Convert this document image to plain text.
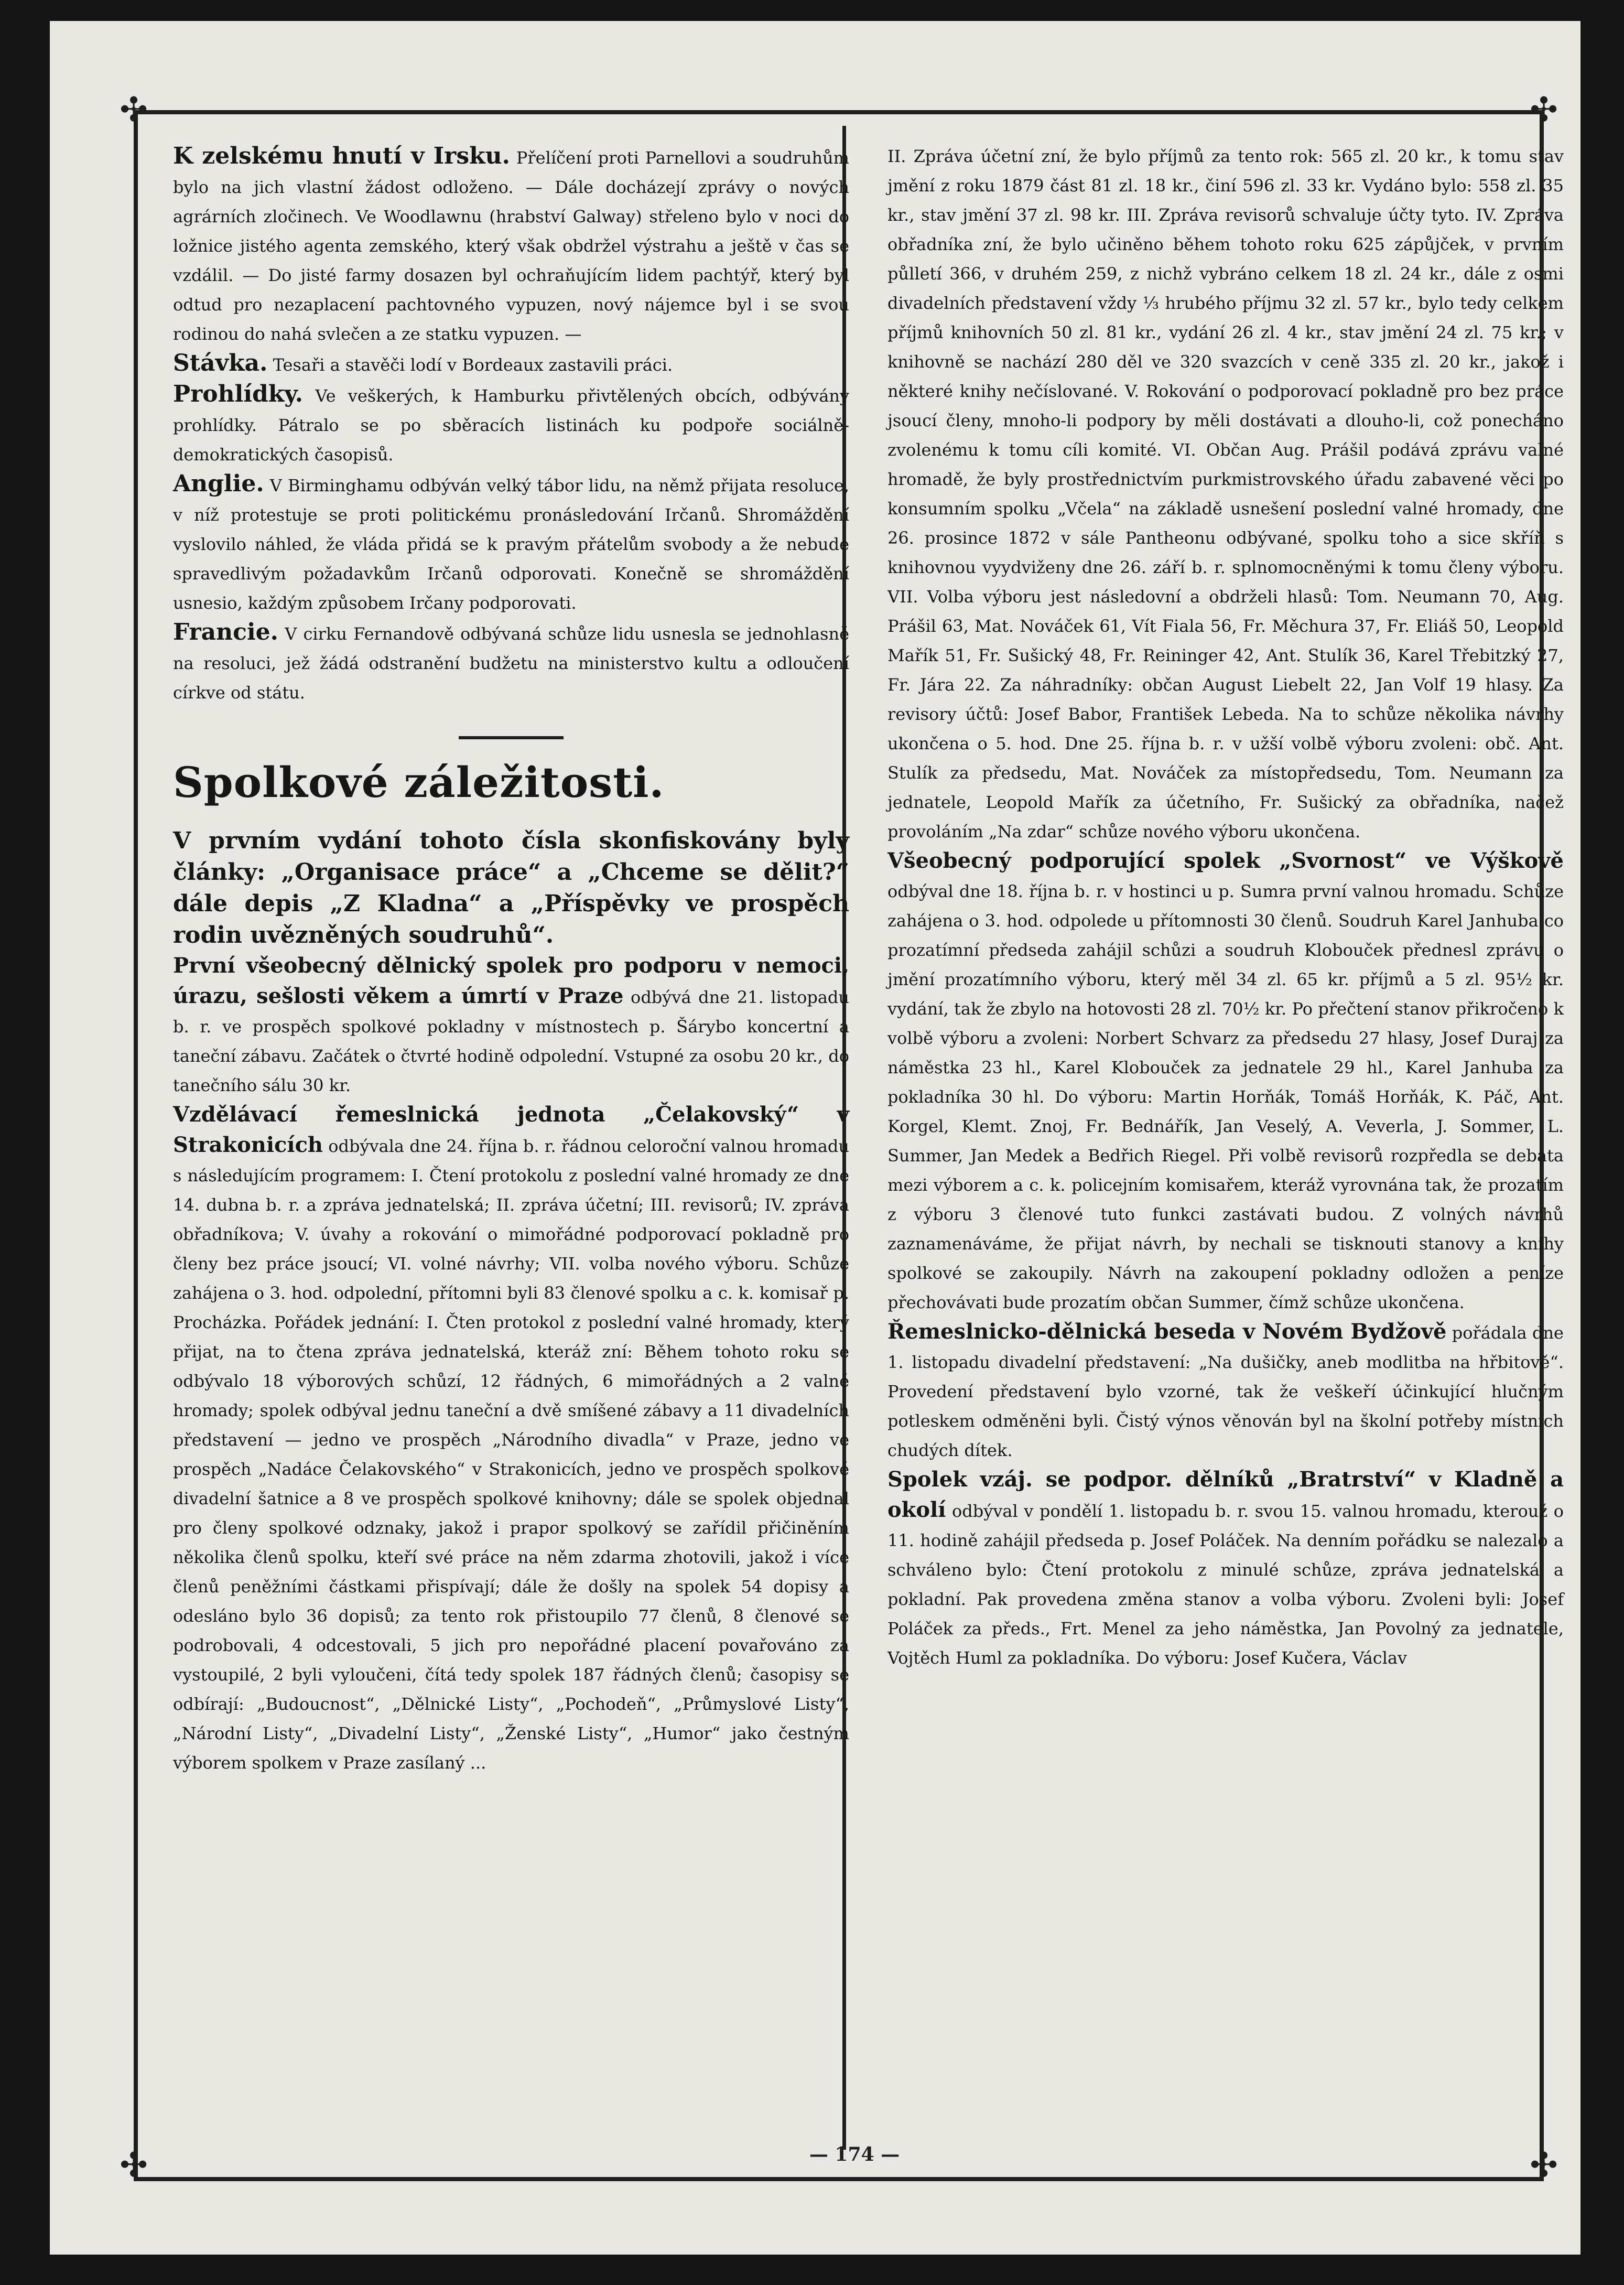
✣	✣
✣	✣

K zelskému hnutí v Irsku. Přelíčení proti Parnellovi a soudruhům bylo na jich vlastní žádost odloženo. — Dále docházejí zprávy o nových agrárních zločinech. Ve Woodlawnu (hrabství Galway) střeleno bylo v noci do ložnice jistého agenta zemského, který však obdržel výstrahu a ještě v čas se vzdálil. — Do jisté farmy dosazen byl ochraňujícím lidem pachtýř, který byl odtud pro nezaplacení pachtovného vypuzen, nový nájemce byl i se svou rodinou do nahá svlečen a ze statku vypuzen. —

Stávka. Tesaři a stavěči lodí v Bordeaux zastavili práci.

Prohlídky. Ve veškerých, k Hamburku přivtělených obcích, odbývány prohlídky. Pátralo se po sběracích listinách ku podpoře sociálně-demokratických časopisů.

Anglie. V Birminghamu odbýván velký tábor lidu, na němž přijata resoluce, v níž protestuje se proti politickému pronásledování Irčanů. Shromáždění vyslovilo náhled, že vláda přidá se k pravým přátelům svobody a že nebude spravedlivým požadavkům Irčanů odporovati. Konečně se shromáždění usnesio, každým způsobem Irčany podporovati.

Francie. V cirku Fernandově odbývaná schůze lidu usnesla se jednohlasně na resoluci, jež žádá odstranění budžetu na ministerstvo kultu a odloučení církve od státu.

Spolkové záležitosti.

V prvním vydání tohoto čísla skonfiskovány byly články: „Organisace práce“ a „Chceme se dělit?“ dále depis „Z Kladna“ a „Příspěvky ve prospěch rodin uvězněných soudruhů“.

První všeobecný dělnický spolek pro podporu v nemoci, úrazu, sešlosti věkem a úmrtí v Praze odbývá dne 21. listopadu b. r. ve prospěch spolkové pokladny v místnostech p. Šárybo koncertní a taneční zábavu. Začátek o čtvrté hodině odpolední. Vstupné za osobu 20 kr., do tanečního sálu 30 kr.

Vzdělávací řemeslnická jednota „Čelakovský“ v Strakonicích odbývala dne 24. října b. r. řádnou celoroční valnou hromadu s následujícím programem: I. Čtení protokolu z poslední valné hromady ze dne 14. dubna b. r. a zpráva jednatelská; II. zpráva účetní; III. revisorů; IV. zpráva obřadníkova; V. úvahy a rokování o mimořádné podporovací pokladně pro členy bez práce jsoucí; VI. volné návrhy; VII. volba nového výboru. Schůze zahájena o 3. hod. odpolední, přítomni byli 83 členové spolku a c. k. komisař p. Procházka. Pořádek jednání: I. Čten protokol z poslední valné hromady, který přijat, na to čtena zpráva jednatelská, kteráž zní: Během tohoto roku se odbývalo 18 výborových schůzí, 12 řádných, 6 mimořádných a 2 valné hromady; spolek odbýval jednu taneční a dvě smíšené zábavy a 11 divadelních představení — jedno ve prospěch „Národního divadla“ v Praze, jedno ve prospěch „Nadáce Čelakovského“ v Strakonicích, jedno ve prospěch spolkové divadelní šatnice a 8 ve prospěch spolkové knihovny; dále se spolek objednal pro členy spolkové odznaky, jakož i prapor spolkový se zařídil přičiněním několika členů spolku, kteří své práce na něm zdarma zhotovili, jakož i více členů peněžními částkami přispívají; dále že došly na spolek 54 dopisy a odesláno bylo 36 dopisů; za tento rok přistoupilo 77 členů, 8 členové se podrobovali, 4 odcestovali, 5 jich pro nepořádné placení povařováno za vystoupilé, 2 byli vyloučeni, čítá tedy spolek 187 řádných členů; časopisy se odbírají: „Budoucnost“, „Dělnické Listy“, „Pochodeň“, „Průmyslové Listy“, „Národní Listy“, „Divadelní Listy“, „Ženské Listy“, „Humor“ jako čestným výborem spolkem v Praze zasílaný ...

II. Zpráva účetní zní, že bylo příjmů za tento rok: 565 zl. 20 kr., k tomu stav jmění z roku 1879 část 81 zl. 18 kr., činí 596 zl. 33 kr. Vydáno bylo: 558 zl. 35 kr., stav jmění 37 zl. 98 kr. III. Zpráva revisorů schvaluje účty tyto. IV. Zpráva obřadníka zní, že bylo učiněno během tohoto roku 625 zápůjček, v prvním půlletí 366, v druhém 259, z nichž vybráno celkem 18 zl. 24 kr., dále z osmi divadelních představení vždy ⅓ hrubého příjmu 32 zl. 57 kr., bylo tedy celkem příjmů knihovních 50 zl. 81 kr., vydání 26 zl. 4 kr., stav jmění 24 zl. 75 kr.; v knihovně se nachází 280 děl ve 320 svazcích v ceně 335 zl. 20 kr., jakož i některé knihy nečíslované. V. Rokování o podporovací pokladně pro bez práce jsoucí členy, mnoho-li podpory by měli dostávati a dlouho-li, což ponecháno zvolenému k tomu cíli komité. VI. Občan Aug. Prášil podává zprávu valné hromadě, že byly prostřednictvím purkmistrovského úřadu zabavené věci po konsumním spolku „Včela“ na základě usnešení poslední valné hromady, dne 26. prosince 1872 v sále Pantheonu odbývané, spolku toho a sice skříň s knihovnou vyydviženy dne 26. září b. r. splnomocněnými k tomu členy výboru. VII. Volba výboru jest následovní a obdrželi hlasů: Tom. Neumann 70, Aug. Prášil 63, Mat. Nováček 61, Vít Fiala 56, Fr. Měchura 37, Fr. Eliáš 50, Leopold Mařík 51, Fr. Sušický 48, Fr. Reininger 42, Ant. Stulík 36, Karel Třebitzký 27, Fr. Jára 22. Za náhradníky: občan August Liebelt 22, Jan Volf 19 hlasy. Za revisory účtů: Josef Babor, František Lebeda. Na to schůze několika návrhy ukončena o 5. hod. Dne 25. října b. r. v užší volbě výboru zvoleni: obč. Ant. Stulík za předsedu, Mat. Nováček za místopředsedu, Tom. Neumann za jednatele, Leopold Mařík za účetního, Fr. Sušický za obřadníka, načež provoláním „Na zdar“ schůze nového výboru ukončena.

Všeobecný podporující spolek „Svornost“ ve Výškově odbýval dne 18. října b. r. v hostinci u p. Sumra první valnou hromadu. Schůze zahájena o 3. hod. odpolede u přítomnosti 30 členů. Soudruh Karel Janhuba co prozatímní předseda zahájil schůzi a soudruh Klobouček přednesl zprávu o jmění prozatímního výboru, který měl 34 zl. 65 kr. příjmů a 5 zl. 95½ kr. vydání, tak že zbylo na hotovosti 28 zl. 70½ kr. Po přečtení stanov přikročeno k volbě výboru a zvoleni: Norbert Schvarz za předsedu 27 hlasy, Josef Duraj za náměstka 23 hl., Karel Klobouček za jednatele 29 hl., Karel Janhuba za pokladníka 30 hl. Do výboru: Martin Horňák, Tomáš Horňák, K. Páč, Ant. Korgel, Klemt. Znoj, Fr. Bednářík, Jan Veselý, A. Veverla, J. Sommer, L. Summer, Jan Medek a Bedřich Riegel. Při volbě revisorů rozpředla se debata mezi výborem a c. k. policejním komisařem, kteráž vyrovnána tak, že prozatím z výboru 3 členové tuto funkci zastávati budou. Z volných návrhů zaznamenáváme, že přijat návrh, by nechali se tisknouti stanovy a knihy spolkové se zakoupily. Návrh na zakoupení pokladny odložen a peníze přechovávati bude prozatím občan Summer, čímž schůze ukončena.

Řemeslnicko-dělnická beseda v Novém Bydžově pořádala dne 1. listopadu divadelní představení: „Na dušičky, aneb modlitba na hřbitově“. Provedení představení bylo vzorné, tak že veškeří účinkující hlučným potleskem odměněni byli. Čistý výnos věnován byl na školní potřeby místních chudých dítek.

Spolek vzáj. se podpor. dělníků „Bratrství“ v Kladně a okolí odbýval v pondělí 1. listopadu b. r. svou 15. valnou hromadu, kterouž o 11. hodině zahájil předseda p. Josef Poláček. Na denním pořádku se nalezalo a schváleno bylo: Čtení protokolu z minulé schůze, zpráva jednatelská a pokladní. Pak provedena změna stanov a volba výboru. Zvoleni byli: Josef Poláček za předs., Frt. Menel za jeho náměstka, Jan Povolný za jednatele, Vojtěch Huml za pokladníka. Do výboru: Josef Kučera, Václav

— 174 —
